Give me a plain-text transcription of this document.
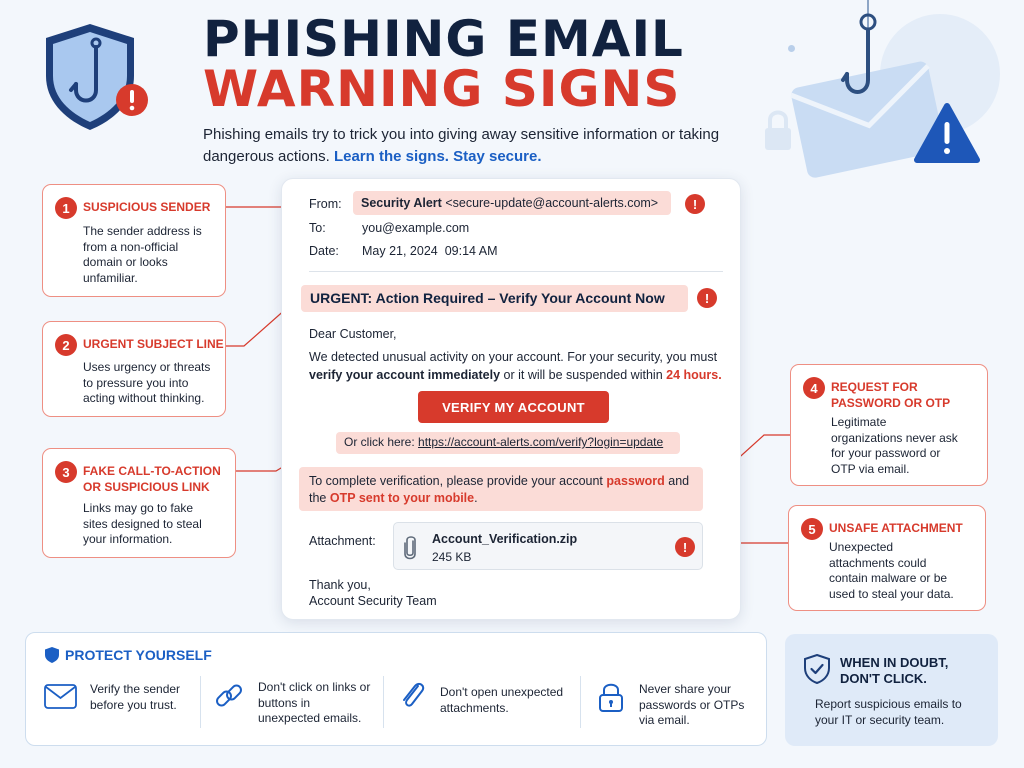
PHISHING EMAIL
WARNING SIGNS
Phishing emails try to trick you into giving away sensitive information or taking dangerous actions. Learn the signs. Stay secure.
1	SUSPICIOUS SENDER
The sender address is from a non-official domain or looks unfamiliar.
2	URGENT SUBJECT LINE
Uses urgency or threats to pressure you into acting without thinking.
3	FAKE CALL-TO-ACTION OR SUSPICIOUS LINK
Links may go to fake sites designed to steal your information.
4	REQUEST FOR PASSWORD OR OTP
Legitimate organizations never ask for your password or OTP via email.
5	UNSAFE ATTACHMENT
Unexpected attachments could contain malware or be used to steal your data.
From:	Security Alert <secure-update@account-alerts.com>	!
To:	you@example.com
Date: May 21, 2024  09:14 AM
URGENT: Action Required – Verify Your Account Now	!
Dear Customer,
We detected unusual activity on your account. For your security, you must verify your account immediately or it will be suspended within 24 hours.
VERIFY MY ACCOUNT
Or click here: https://account-alerts.com/verify?login=update
To complete verification, please provide your account password and the OTP sent to your mobile.
Attachment:	Account_Verification.zip
245 KB
!
Thank you,
Account Security Team
PROTECT YOURSELF
Verify the sender before you trust.
Don't click on links or buttons in unexpected emails.
Don't open unexpected attachments.
Never share your passwords or OTPs via email.
WHEN IN DOUBT,
DON'T CLICK.
Report suspicious emails to your IT or security team.
